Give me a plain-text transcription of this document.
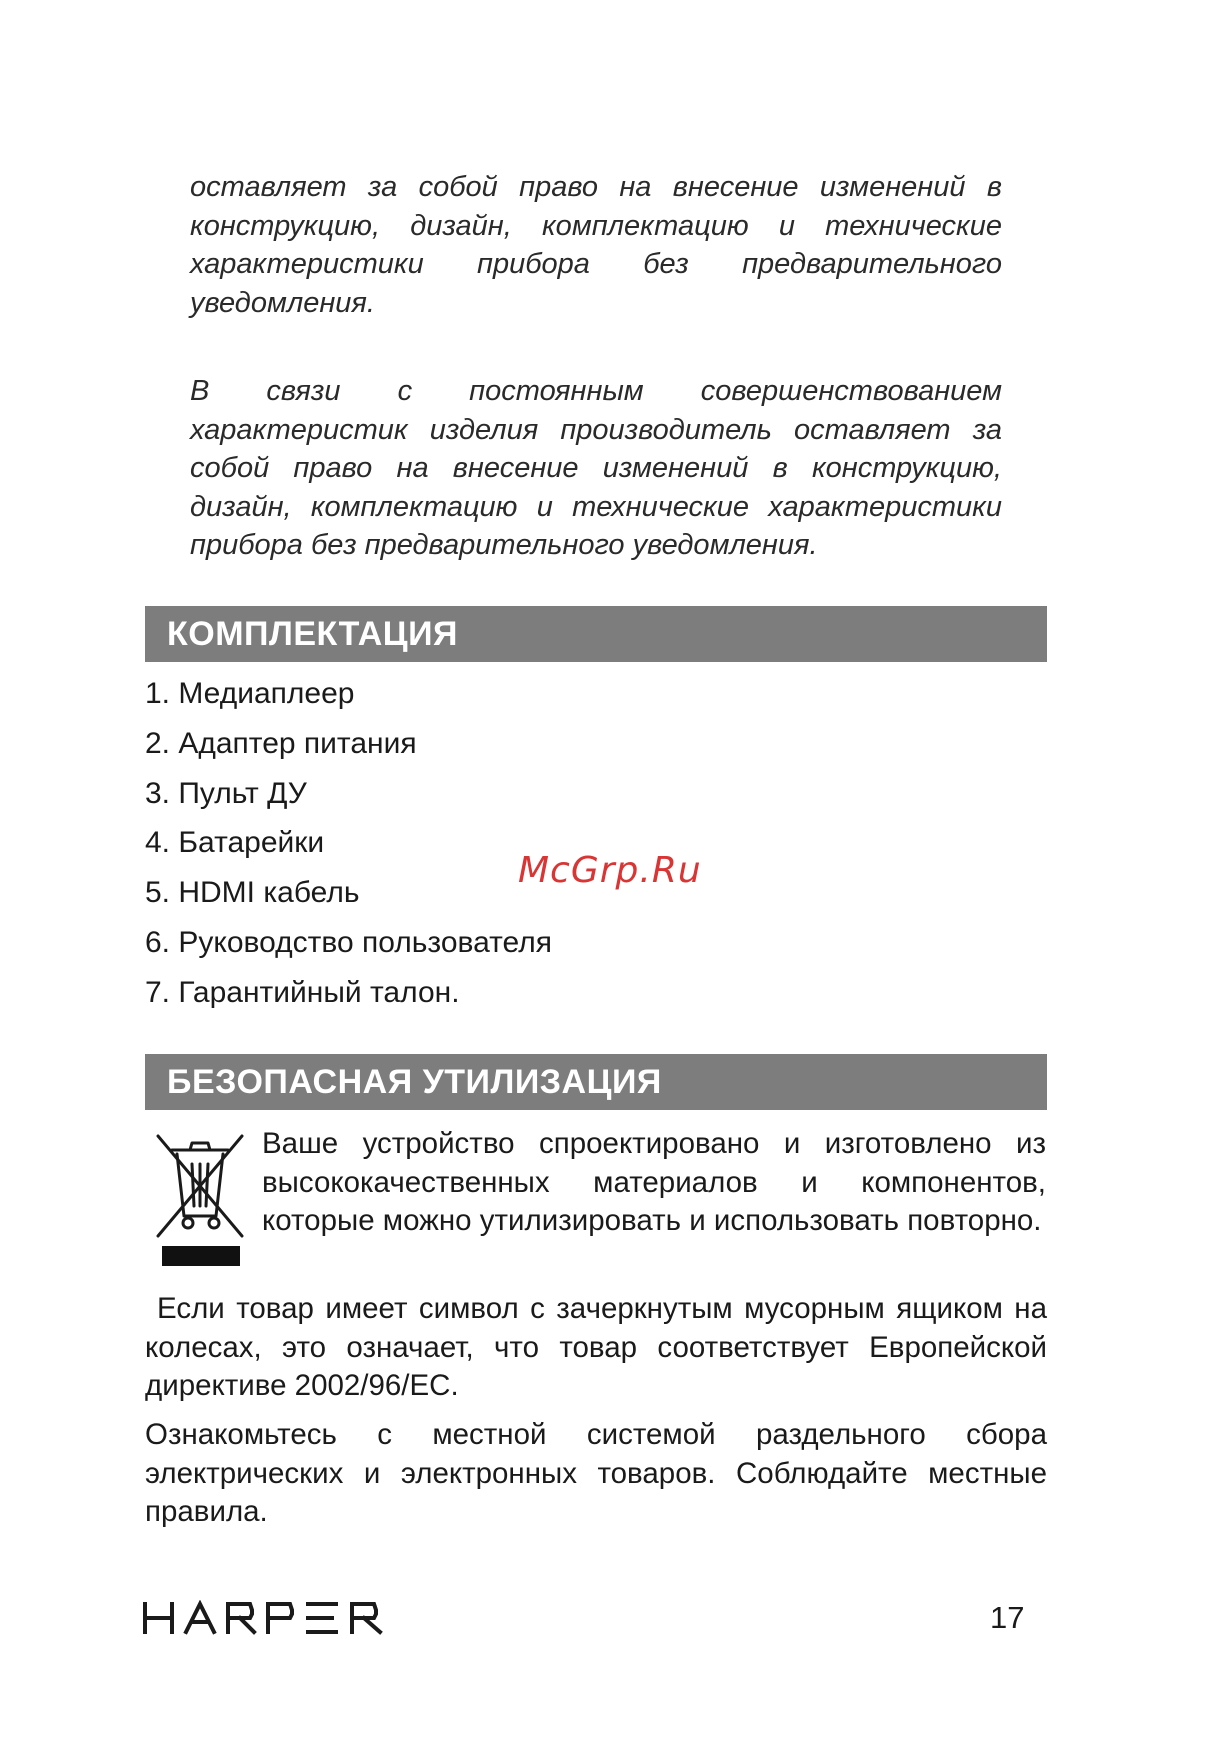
оставляет за собой право на внесение изменений в конструкцию, дизайн, комплектацию и технические характеристики прибора без предварительного уведомления.

В связи с постоянным совершенствованием характеристик изделия производитель оставляет за собой право на внесение изменений в конструкцию, дизайн, комплектацию и технические характеристики прибора без предварительного уведомления.

КОМПЛЕКТАЦИЯ
1. Медиаплеер
2. Адаптер питания
3. Пульт ДУ
4. Батарейки
5. HDMI кабель
6. Руководство пользователя
7. Гарантийный талон.
McGrp.Ru
БЕЗОПАСНАЯ УТИЛИЗАЦИЯ

Ваше устройство спроектировано и изготовлено из высококачественных материалов и компонентов, которые можно утилизировать и использовать повторно.

Если товар имеет символ с зачеркнутым мусорным ящиком на колесах, это означает, что товар соответствует Европейской директиве 2002/96/EC.

Ознакомьтесь с местной системой раздельного сбора электрических и электронных товаров. Соблюдайте местные правила.

17
